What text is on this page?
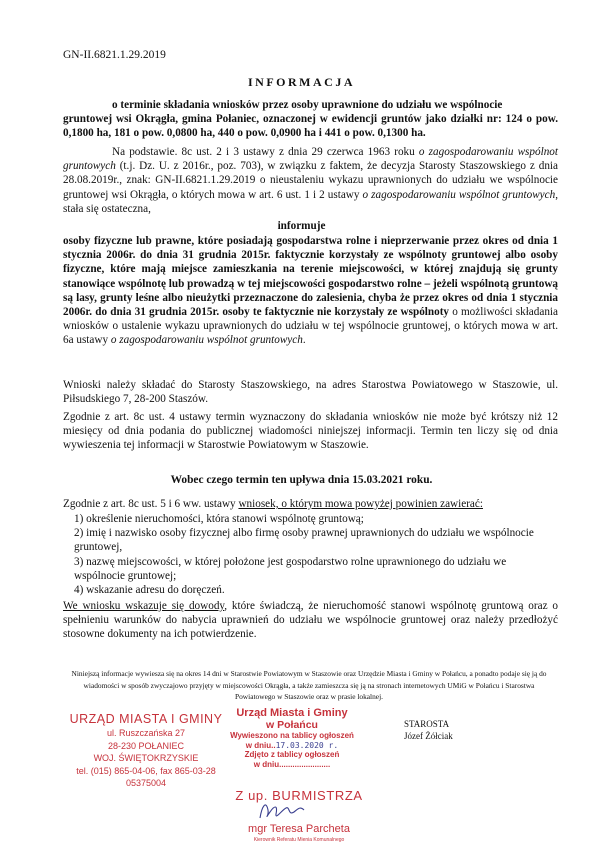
GN-II.6821.1.29.2019
INFORMACJA
o terminie składania wniosków przez osoby uprawnione do udziału we wspólnocie
gruntowej wsi Okrągła, gmina Połaniec, oznaczonej w ewidencji gruntów jako działki nr: 124 o pow. 0,1800 ha, 181 o pow. 0,0800 ha, 440 o pow. 0,0900 ha i 441 o pow. 0,1300 ha.
Na podstawie. 8c ust. 2 i 3 ustawy z dnia 29 czerwca 1963 roku o zagospodarowaniu wspólnot gruntowych (t.j. Dz. U. z 2016r., poz. 703), w związku z faktem, że decyzja Starosty Staszowskiego z dnia 28.08.2019r., znak: GN-II.6821.1.29.2019 o nieustaleniu wykazu uprawnionych do udziału we wspólnocie gruntowej wsi Okrągła, o których mowa w art. 6 ust. 1 i 2 ustawy o zagospodarowaniu wspólnot gruntowych, stała się ostateczna,
informuje
osoby fizyczne lub prawne, które posiadają gospodarstwa rolne i nieprzerwanie przez okres od dnia 1 stycznia 2006r. do dnia 31 grudnia 2015r. faktycznie korzystały ze wspólnoty gruntowej albo osoby fizyczne, które mają miejsce zamieszkania na terenie miejscowości, w której znajdują się grunty stanowiące wspólnotę lub prowadzą w tej miejscowości gospodarstwo rolne – jeżeli wspólnotą gruntową są lasy, grunty leśne albo nieużytki przeznaczone do zalesienia, chyba że przez okres od dnia 1 stycznia 2006r. do dnia 31 grudnia 2015r. osoby te faktycznie nie korzystały ze wspólnoty o możliwości składania wniosków o ustalenie wykazu uprawnionych do udziału w tej wspólnocie gruntowej, o których mowa w art. 6a ustawy o zagospodarowaniu wspólnot gruntowych.
Wnioski należy składać do Starosty Staszowskiego, na adres Starostwa Powiatowego w Staszowie, ul. Piłsudskiego 7, 28-200 Staszów.
Zgodnie z art. 8c ust. 4 ustawy termin wyznaczony do składania wniosków nie może być krótszy niż 12 miesięcy od dnia podania do publicznej wiadomości niniejszej informacji. Termin ten liczy się od dnia wywieszenia tej informacji w Starostwie Powiatowym w Staszowie.
Wobec czego termin ten upływa dnia 15.03.2021 roku.
Zgodnie z art. 8c ust. 5 i 6 ww. ustawy wniosek, o którym mowa powyżej powinien zawierać:
1) określenie nieruchomości, która stanowi wspólnotę gruntową;
2) imię i nazwisko osoby fizycznej albo firmę osoby prawnej uprawnionych do udziału we wspólnocie gruntowej,
3) nazwę miejscowości, w której położone jest gospodarstwo rolne uprawnionego do udziału we wspólnocie gruntowej;
4) wskazanie adresu do doręczeń.
We wniosku wskazuje się dowody, które świadczą, że nieruchomość stanowi wspólnotę gruntową oraz o spełnieniu warunków do nabycia uprawnień do udziału we wspólnocie gruntowej oraz należy przedłożyć stosowne dokumenty na ich potwierdzenie.
Niniejszą informacje wywiesza się na okres 14 dni w Starostwie Powiatowym w Staszowie oraz Urzędzie Miasta i Gminy w Połańcu, a ponadto podaje się ją do wiadomości w sposób zwyczajowo przyjęty w miejscowości Okrągła, a także zamieszcza się ją na stronach internetowych UMiG w Połańcu i Starostwa Powiatowego w Staszowie oraz w prasie lokalnej.
URZĄD MIASTA I GMINY
ul. Ruszczańska 27
28-230 POŁANIEC
WOJ. ŚWIĘTOKRZYSKIE
tel. (015) 865-04-06, fax 865-03-28
05375004
Urząd Miasta i Gminy
w Połańcu
Wywieszono na tablicy ogłoszeń
w dniu..17.03.2020 r.
Zdjęto z tablicy ogłoszeń
w dniu.......................
STAROSTA
Józef Żółciak
Z up. BURMISTRZA
mgr Teresa Parcheta
Kierownik Referatu Mienia Komunalnego
